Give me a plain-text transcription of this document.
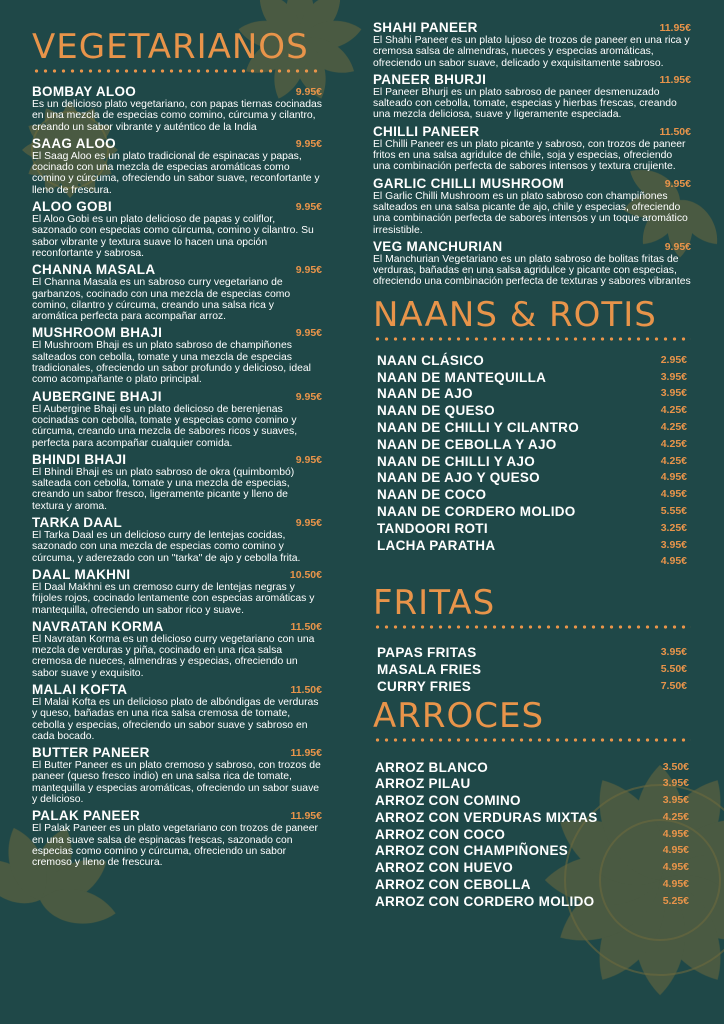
VEGETARIANOS
BOMBAY ALOO	9.95€
Es un delicioso plato vegetariano, con papas tiernas cocinadas en una mezcla de especias como comino, cúrcuma y cilantro, creando un sabor vibrante y auténtico de la India
SAAG ALOO	9.95€
El Saag Aloo es un plato tradicional de espinacas y papas, cocinado con una mezcla de especias aromáticas como comino y cúrcuma, ofreciendo un sabor suave, reconfortante y lleno de frescura.
ALOO GOBI	9.95€
El Aloo Gobi es un plato delicioso de papas y coliflor, sazonado con especias como cúrcuma, comino y cilantro. Su sabor vibrante y textura suave lo hacen una opción reconfortante y sabrosa.
CHANNA MASALA	9.95€
El Channa Masala es un sabroso curry vegetariano de garbanzos, cocinado con una mezcla de especias como comino, cilantro y cúrcuma, creando una salsa rica y aromática perfecta para acompañar arroz.
MUSHROOM BHAJI	9.95€
El Mushroom Bhaji es un plato sabroso de champiñones salteados con cebolla, tomate y una mezcla de especias tradicionales, ofreciendo un sabor profundo y delicioso, ideal como acompañante o plato principal.
AUBERGINE BHAJI	9.95€
El Aubergine Bhaji es un plato delicioso de berenjenas cocinadas con cebolla, tomate y especias como comino y cúrcuma, creando una mezcla de sabores ricos y suaves, perfecta para acompañar cualquier comida.
BHINDI BHAJI	9.95€
El Bhindi Bhaji es un plato sabroso de okra (quimbombó) salteada con cebolla, tomate y una mezcla de especias, creando un sabor fresco, ligeramente picante y lleno de textura y aroma.
TARKA DAAL	9.95€
El Tarka Daal es un delicioso curry de lentejas cocidas, sazonado con una mezcla de especias como comino y cúrcuma, y aderezado con un "tarka" de ajo y cebolla frita.
DAAL MAKHNI	10.50€
El Daal Makhni es un cremoso curry de lentejas negras y frijoles rojos, cocinado lentamente con especias aromáticas y mantequilla, ofreciendo un sabor rico y suave.
NAVRATAN KORMA	11.50€
El Navratan Korma es un delicioso curry vegetariano con una mezcla de verduras y piña, cocinado en una rica salsa cremosa de nueces, almendras y especias, ofreciendo un sabor suave y exquisito.
MALAI KOFTA	11.50€
El Malai Kofta es un delicioso plato de albóndigas de verduras y queso, bañadas en una rica salsa cremosa de tomate, cebolla y especias, ofreciendo un sabor suave y sabroso en cada bocado.
BUTTER PANEER	11.95€
El Butter Paneer es un plato cremoso y sabroso, con trozos de paneer (queso fresco indio) en una salsa rica de tomate, mantequilla y especias aromáticas, ofreciendo un sabor suave y delicioso.
PALAK PANEER	11.95€
El Palak Paneer es un plato vegetariano con trozos de paneer en una suave salsa de espinacas frescas, sazonado con especias como comino y cúrcuma, ofreciendo un sabor cremoso y lleno de frescura.
SHAHI PANEER	11.95€
El Shahi Paneer es un plato lujoso de trozos de paneer en una rica y cremosa salsa de almendras, nueces y especias aromáticas, ofreciendo un sabor suave, delicado y exquisitamente sabroso.
PANEER BHURJI	11.95€
El Paneer Bhurji es un plato sabroso de paneer desmenuzado salteado con cebolla, tomate, especias y hierbas frescas, creando una mezcla deliciosa, suave y ligeramente especiada.
CHILLI PANEER	11.50€
El Chilli Paneer es un plato picante y sabroso, con trozos de paneer fritos en una salsa agridulce de chile, soja y especias, ofreciendo una combinación perfecta de sabores intensos y textura crujiente.
GARLIC CHILLI MUSHROOM	9.95€
El Garlic Chilli Mushroom es un plato sabroso con champiñones salteados en una salsa picante de ajo, chile y especias, ofreciendo una combinación perfecta de sabores intensos y un toque aromático irresistible.
VEG MANCHURIAN	9.95€
El Manchurian Vegetariano es un plato sabroso de bolitas fritas de verduras, bañadas en una salsa agridulce y picante con especias, ofreciendo una combinación perfecta de texturas y sabores vibrantes
NAANS & ROTIS
NAAN CLÁSICO	2.95€
NAAN DE MANTEQUILLA	3.95€
NAAN DE AJO	3.95€
NAAN DE QUESO	4.25€
NAAN DE CHILLI Y CILANTRO	4.25€
NAAN DE CEBOLLA Y AJO	4.25€
NAAN DE CHILLI Y AJO	4.25€
NAAN DE AJO Y QUESO	4.95€
NAAN DE COCO	4.95€
NAAN DE CORDERO MOLIDO	5.55€
TANDOORI ROTI	3.25€
LACHA PARATHA	3.95€
4.95€
FRITAS
PAPAS FRITAS	3.95€
MASALA FRIES	5.50€
CURRY FRIES	7.50€
ARROCES
ARROZ BLANCO	3.50€
ARROZ PILAU	3.95€
ARROZ CON COMINO	3.95€
ARROZ CON VERDURAS MIXTAS	4.25€
ARROZ CON COCO	4.95€
ARROZ CON CHAMPIÑONES	4.95€
ARROZ CON HUEVO	4.95€
ARROZ CON CEBOLLA	4.95€
ARROZ CON CORDERO MOLIDO	5.25€
